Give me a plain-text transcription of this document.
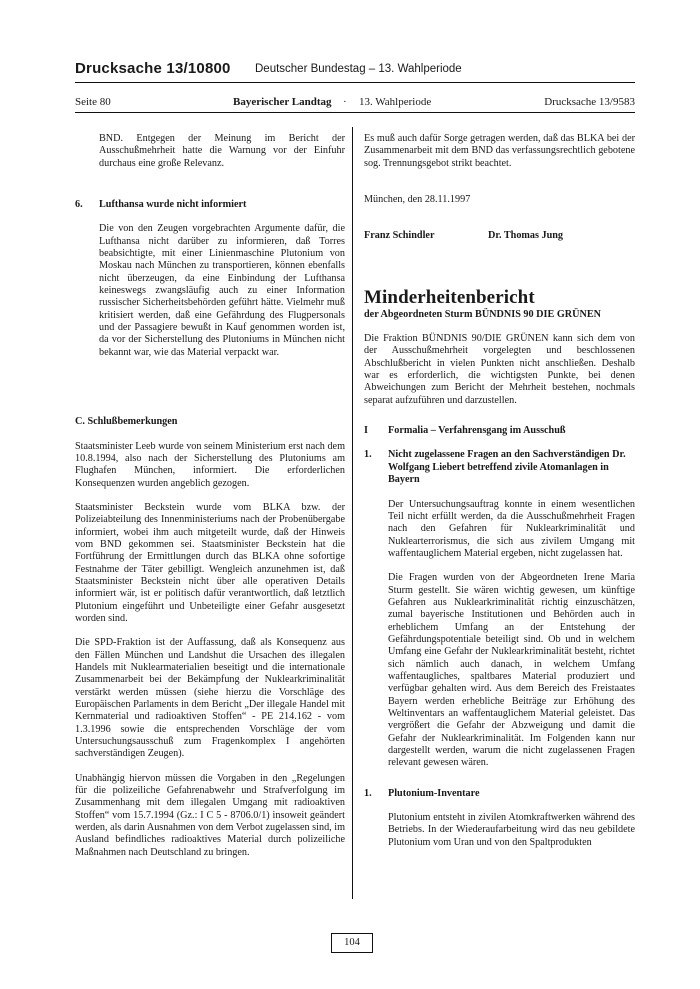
Drucksache 13/10800 Deutscher Bundestag – 13. Wahlperiode
Seite 80	Bayerischer Landtag · 13. Wahlperiode	Drucksache 13/9583

BND. Entgegen der Meinung im Bericht der Ausschußmehrheit hatte die Warnung vor der Einfuhr durchaus eine große Relevanz.

6.	Lufthansa wurde nicht informiert

Die von den Zeugen vorgebrachten Argumente dafür, die Lufthansa nicht darüber zu informieren, daß Torres beabsichtigte, mit einer Linienmaschine Plutonium von Moskau nach München zu transportieren, können ebenfalls nicht überzeugen, da eine Einbindung der Lufthansa keineswegs zwangsläufig auch zu einer Information russischer Sicherheitsbehörden geführt hätte. Vielmehr muß kritisiert werden, daß eine Gefährdung des Flugpersonals und der Passagiere bewußt in Kauf genommen worden ist, da vor der Sicherstellung des Plutoniums in München nicht bekannt war, wie das Material verpackt war.

C. Schlußbemerkungen

Staatsminister Leeb wurde von seinem Ministerium erst nach dem 10.8.1994, also nach der Sicherstellung des Plutoniums am Flughafen München, informiert. Die erforderlichen Konsequenzen wurden angeblich gezogen.

Staatsminister Beckstein wurde vom BLKA bzw. der Polizeiabteilung des Innenministeriums nach der Probenübergabe informiert, wobei ihm auch mitgeteilt wurde, daß der Hinweis vom BND gekommen sei. Staatsminister Beckstein hat die Fortführung der Ermittlungen durch das BLKA ohne sofortige Festnahme der Täter gebilligt. Wengleich anzunehmen ist, daß Staatsminister Beckstein nicht über alle operativen Details informiert wär, ist er politisch dafür verantwortlich, daß letztlich Plutonium eingeführt und Unbeteiligte einer Gefahr ausgesetzt worden sind.

Die SPD-Fraktion ist der Auffassung, daß als Konsequenz aus den Fällen München und Landshut die Ursachen des illegalen Handels mit Nuklearmaterialien beseitigt und die internationale Zusammenarbeit bei der Bekämpfung der Nuklearkriminalität verstärkt werden müssen (siehe hierzu die Vorschläge des Europäischen Parlaments in dem Bericht „Der illegale Handel mit Kernmaterial und radioaktiven Stoffen“ - PE 214.162 - vom 1.3.1996 sowie die entsprechenden Vorschläge der vom Untersuchungsausschuß zum Fragenkomplex I angehörten sachverständigen Zeugen).

Unabhängig hiervon müssen die Vorgaben in den „Regelungen für die polizeiliche Gefahrenabwehr und Strafverfolgung im Zusammenhang mit dem illegalen Umgang mit radioaktiven Stoffen“ vom 15.7.1994 (Gz.: I C 5 - 8706.0/1) insoweit geändert werden, als darin Ausnahmen von dem Verbot zugelassen sind, im Ausland befindliches radioaktives Material durch polizeiliche Maßnahmen nach Deutschland zu bringen.

Es muß auch dafür Sorge getragen werden, daß das BLKA bei der Zusammenarbeit mit dem BND das verfassungsrechtlich gebotene sog. Trennungsgebot strikt beachtet.

München, den 28.11.1997

Franz Schindler	Dr. Thomas Jung

Minderheitenbericht

der Abgeordneten Sturm BÜNDNIS 90 DIE GRÜNEN

Die Fraktion BÜNDNIS 90/DIE GRÜNEN kann sich dem von der Ausschußmehrheit vorgelegten und beschlossenen Abschlußbericht in vielen Punkten nicht anschließen. Deshalb war es erforderlich, die wichtigsten Punkte, bei denen Abweichungen zum Bericht der Mehrheit bestehen, nochmals separat aufzuführen und darzustellen.

I	Formalia – Verfahrensgang im Ausschuß
1.	Nicht zugelassene Fragen an den Sachverständigen Dr. Wolfgang Liebert betreffend zivile Atomanlagen in Bayern

Der Untersuchungsauftrag konnte in einem wesentlichen Teil nicht erfüllt werden, da die Ausschußmehrheit Fragen nach den Gefahren für Nuklearkriminalität und Nuklearterrorismus, die sich aus zivilem Umgang mit waffentauglichem Material ergeben, nicht zugelassen hat.

Die Fragen wurden von der Abgeordneten Irene Maria Sturm gestellt. Sie wären wichtig gewesen, um künftige Gefahren aus Nuklearkriminalität richtig einzuschätzen, zumal bayerische Institutionen und Behörden auch in erheblichem Umfang an der Entstehung der Gefährdungspotentiale beteiligt sind. Ob und in welchem Umfang eine Gefahr der Nuklearkriminalität besteht, richtet sich nämlich auch danach, in welchem Umfang waffentaugliches, spaltbares Material produziert und verfügbar gehalten wird. Aus dem Bereich des Freistaates Bayern werden erhebliche Beiträge zur Erhöhung des Weltinventars an waffentauglichem Material geleistet. Das vergrößert die Gefahr der Abzweigung und damit die Gefahr der Nuklearkriminalität. Im Folgenden kann nur dargestellt werden, warum die nicht zugelassenen Fragen relevant gewesen wären.

1.	Plutonium-Inventare

Plutonium entsteht in zivilen Atomkraftwerken während des Betriebs. In der Wiederaufarbeitung wird das neu gebildete Plutonium vom Uran und von den Spaltprodukten

104
